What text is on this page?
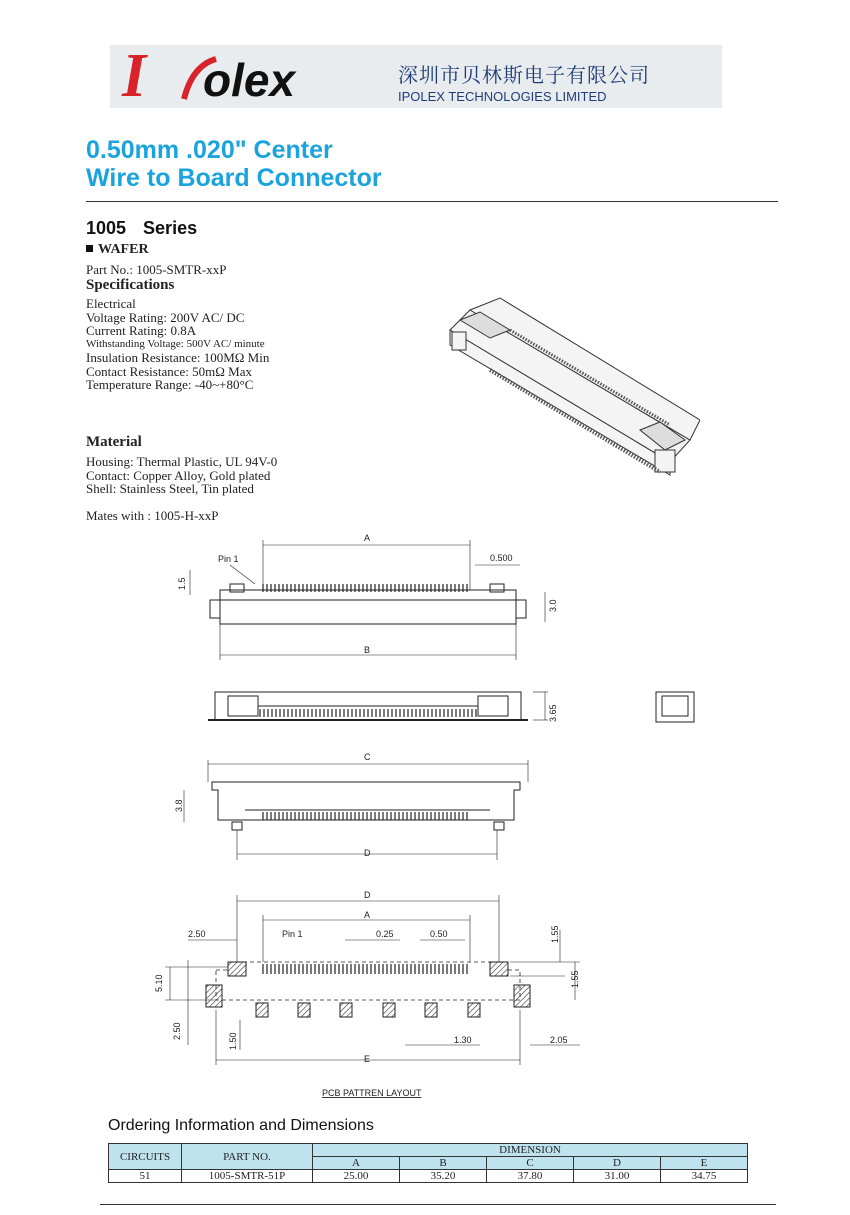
I olex	深圳市贝林斯电子有限公司
IPOLEX TECHNOLOGIES LIMITED
0.50mm .020" Center
Wire to Board Connector
1005 Series
WAFER
Part No.: 1005-SMTR-xxP
Specifications
Electrical
Voltage Rating: 200V AC/ DC
Current Rating: 0.8A
Withstanding Voltage: 500V AC/ minute
Insulation Resistance: 100MΩ Min
Contact Resistance: 50mΩ Max
Temperature Range: -40~+80°C
Material
Housing: Thermal Plastic, UL 94V-0
Contact: Copper Alloy, Gold plated
Shell: Stainless Steel, Tin plated
Mates with : 1005-H-xxP
A
Pin 1	0.500
B
1.5
3.0
3.65
C
D
3.8
D
A
2.50	Pin 1	0.25	0.50	1.55
1.55
5.10
2.50
1.50	1.30	2.05
E
PCB PATTREN LAYOUT
Ordering Information and Dimensions
CIRCUITS	PART NO.	DIMENSION				
		A	B	C	D	E
51	1005-SMTR-51P	25.00	35.20	37.80	31.00	34.75
